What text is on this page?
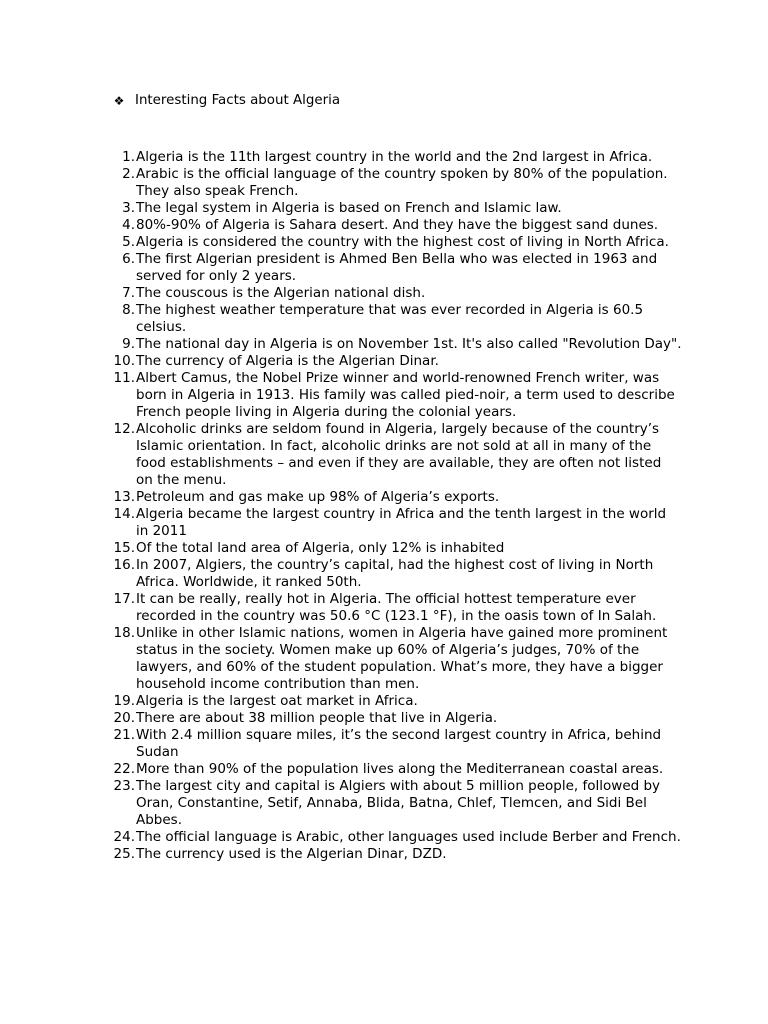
❖ Interesting Facts about Algeria
1. Algeria is the 11th largest country in the world and the 2nd largest in Africa.
2. Arabic is the official language of the country spoken by 80% of the population. They also speak French.
3. The legal system in Algeria is based on French and Islamic law.
4. 80%-90% of Algeria is Sahara desert. And they have the biggest sand dunes.
5. Algeria is considered the country with the highest cost of living in North Africa.
6. The first Algerian president is Ahmed Ben Bella who was elected in 1963 and served for only 2 years.
7. The couscous is the Algerian national dish.
8. The highest weather temperature that was ever recorded in Algeria is 60.5 celsius.
9. The national day in Algeria is on November 1st. It's also called "Revolution Day".
10. The currency of Algeria is the Algerian Dinar.
11. Albert Camus, the Nobel Prize winner and world-renowned French writer, was born in Algeria in 1913. His family was called pied-noir, a term used to describe French people living in Algeria during the colonial years.
12. Alcoholic drinks are seldom found in Algeria, largely because of the country’s Islamic orientation. In fact, alcoholic drinks are not sold at all in many of the food establishments – and even if they are available, they are often not listed on the menu.
13. Petroleum and gas make up 98% of Algeria’s exports.
14. Algeria became the largest country in Africa and the tenth largest in the world in 2011
15. Of the total land area of Algeria, only 12% is inhabited
16. In 2007, Algiers, the country’s capital, had the highest cost of living in North Africa. Worldwide, it ranked 50th.
17. It can be really, really hot in Algeria. The official hottest temperature ever recorded in the country was 50.6 °C (123.1 °F), in the oasis town of In Salah.
18. Unlike in other Islamic nations, women in Algeria have gained more prominent status in the society. Women make up 60% of Algeria’s judges, 70% of the lawyers, and 60% of the student population. What’s more, they have a bigger household income contribution than men.
19. Algeria is the largest oat market in Africa.
20. There are about 38 million people that live in Algeria.
21. With 2.4 million square miles, it’s the second largest country in Africa, behind Sudan
22. More than 90% of the population lives along the Mediterranean coastal areas.
23. The largest city and capital is Algiers with about 5 million people, followed by Oran, Constantine, Setif, Annaba, Blida, Batna, Chlef, Tlemcen, and Sidi Bel Abbes.
24. The official language is Arabic, other languages used include Berber and French.
25. The currency used is the Algerian Dinar, DZD.
